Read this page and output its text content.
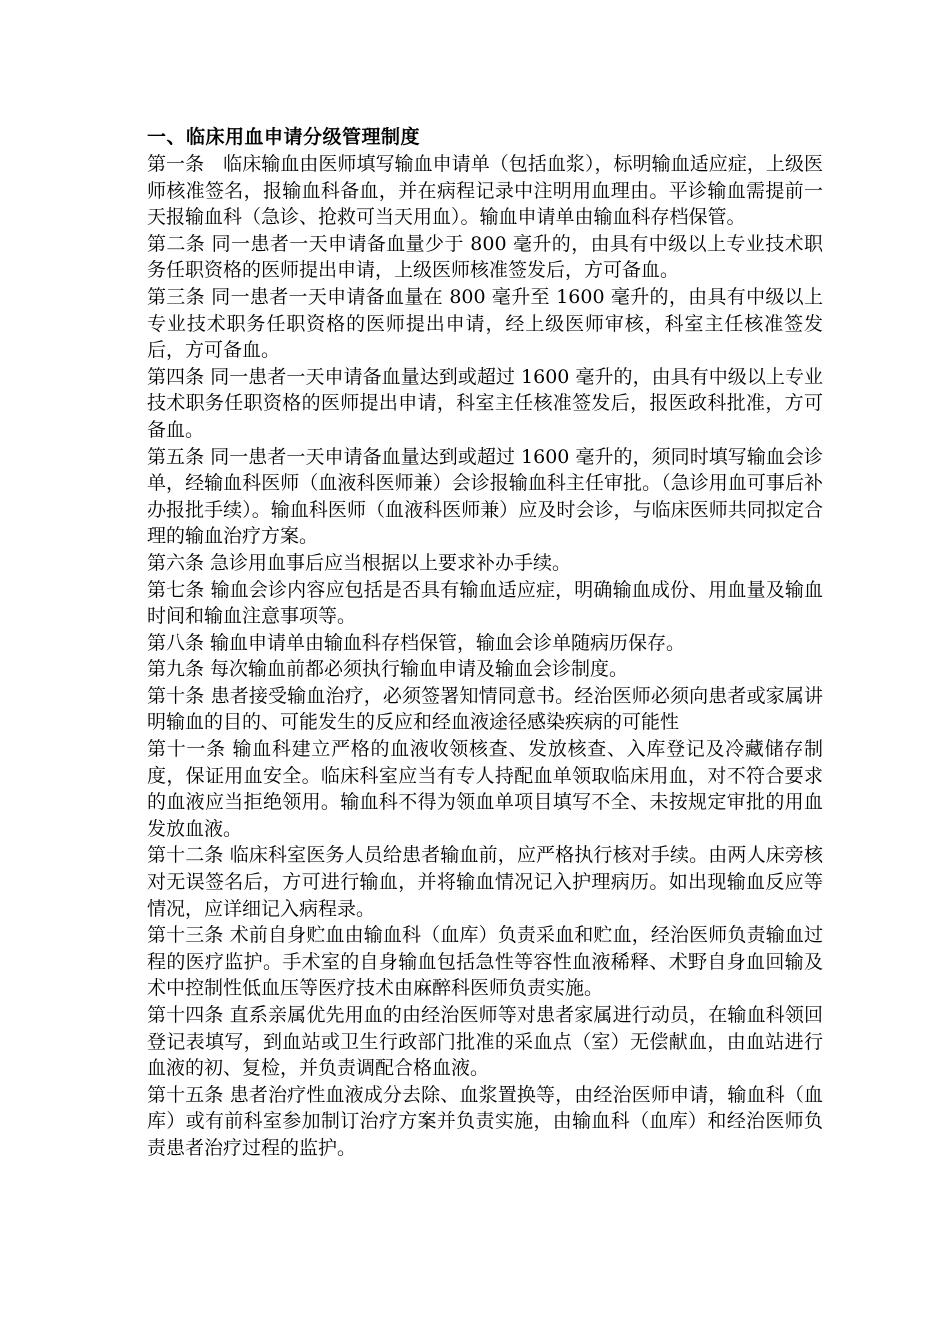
一、临床用血申请分级管理制度

第一条　临床输血由医师填写输血申请单（包括血浆），标明输血适应症，上级医师核准签名，报输血科备血，并在病程记录中注明用血理由。平诊输血需提前一天报输血科（急诊、抢救可当天用血）。输血申请单由输血科存档保管。

第二条 同一患者一天申请备血量少于 800 毫升的，由具有中级以上专业技术职务任职资格的医师提出申请，上级医师核准签发后，方可备血。

第三条 同一患者一天申请备血量在 800 毫升至 1600 毫升的，由具有中级以上专业技术职务任职资格的医师提出申请，经上级医师审核，科室主任核准签发后，方可备血。

第四条 同一患者一天申请备血量达到或超过 1600 毫升的，由具有中级以上专业技术职务任职资格的医师提出申请，科室主任核准签发后，报医政科批准，方可备血。

第五条 同一患者一天申请备血量达到或超过 1600 毫升的，须同时填写输血会诊单，经输血科医师（血液科医师兼）会诊报输血科主任审批。（急诊用血可事后补办报批手续）。输血科医师（血液科医师兼）应及时会诊，与临床医师共同拟定合理的输血治疗方案。

第六条 急诊用血事后应当根据以上要求补办手续。

第七条 输血会诊内容应包括是否具有输血适应症，明确输血成份、用血量及输血时间和输血注意事项等。

第八条 输血申请单由输血科存档保管，输血会诊单随病历保存。

第九条 每次输血前都必须执行输血申请及输血会诊制度。

第十条 患者接受输血治疗，必须签署知情同意书。经治医师必须向患者或家属讲明输血的目的、可能发生的反应和经血液途径感染疾病的可能性

第十一条 输血科建立严格的血液收领核查、发放核查、入库登记及冷藏储存制度，保证用血安全。临床科室应当有专人持配血单领取临床用血，对不符合要求的血液应当拒绝领用。输血科不得为领血单项目填写不全、未按规定审批的用血发放血液。

第十二条 临床科室医务人员给患者输血前，应严格执行核对手续。由两人床旁核对无误签名后，方可进行输血，并将输血情况记入护理病历。如出现输血反应等情况，应详细记入病程录。

第十三条 术前自身贮血由输血科（血库）负责采血和贮血，经治医师负责输血过程的医疗监护。手术室的自身输血包括急性等容性血液稀释、术野自身血回输及术中控制性低血压等医疗技术由麻醉科医师负责实施。

第十四条 直系亲属优先用血的由经治医师等对患者家属进行动员，在输血科领回登记表填写，到血站或卫生行政部门批准的采血点（室）无偿献血，由血站进行血液的初、复检，并负责调配合格血液。

第十五条 患者治疗性血液成分去除、血浆置换等，由经治医师申请，输血科（血库）或有前科室参加制订治疗方案并负责实施，由输血科（血库）和经治医师负责患者治疗过程的监护。
